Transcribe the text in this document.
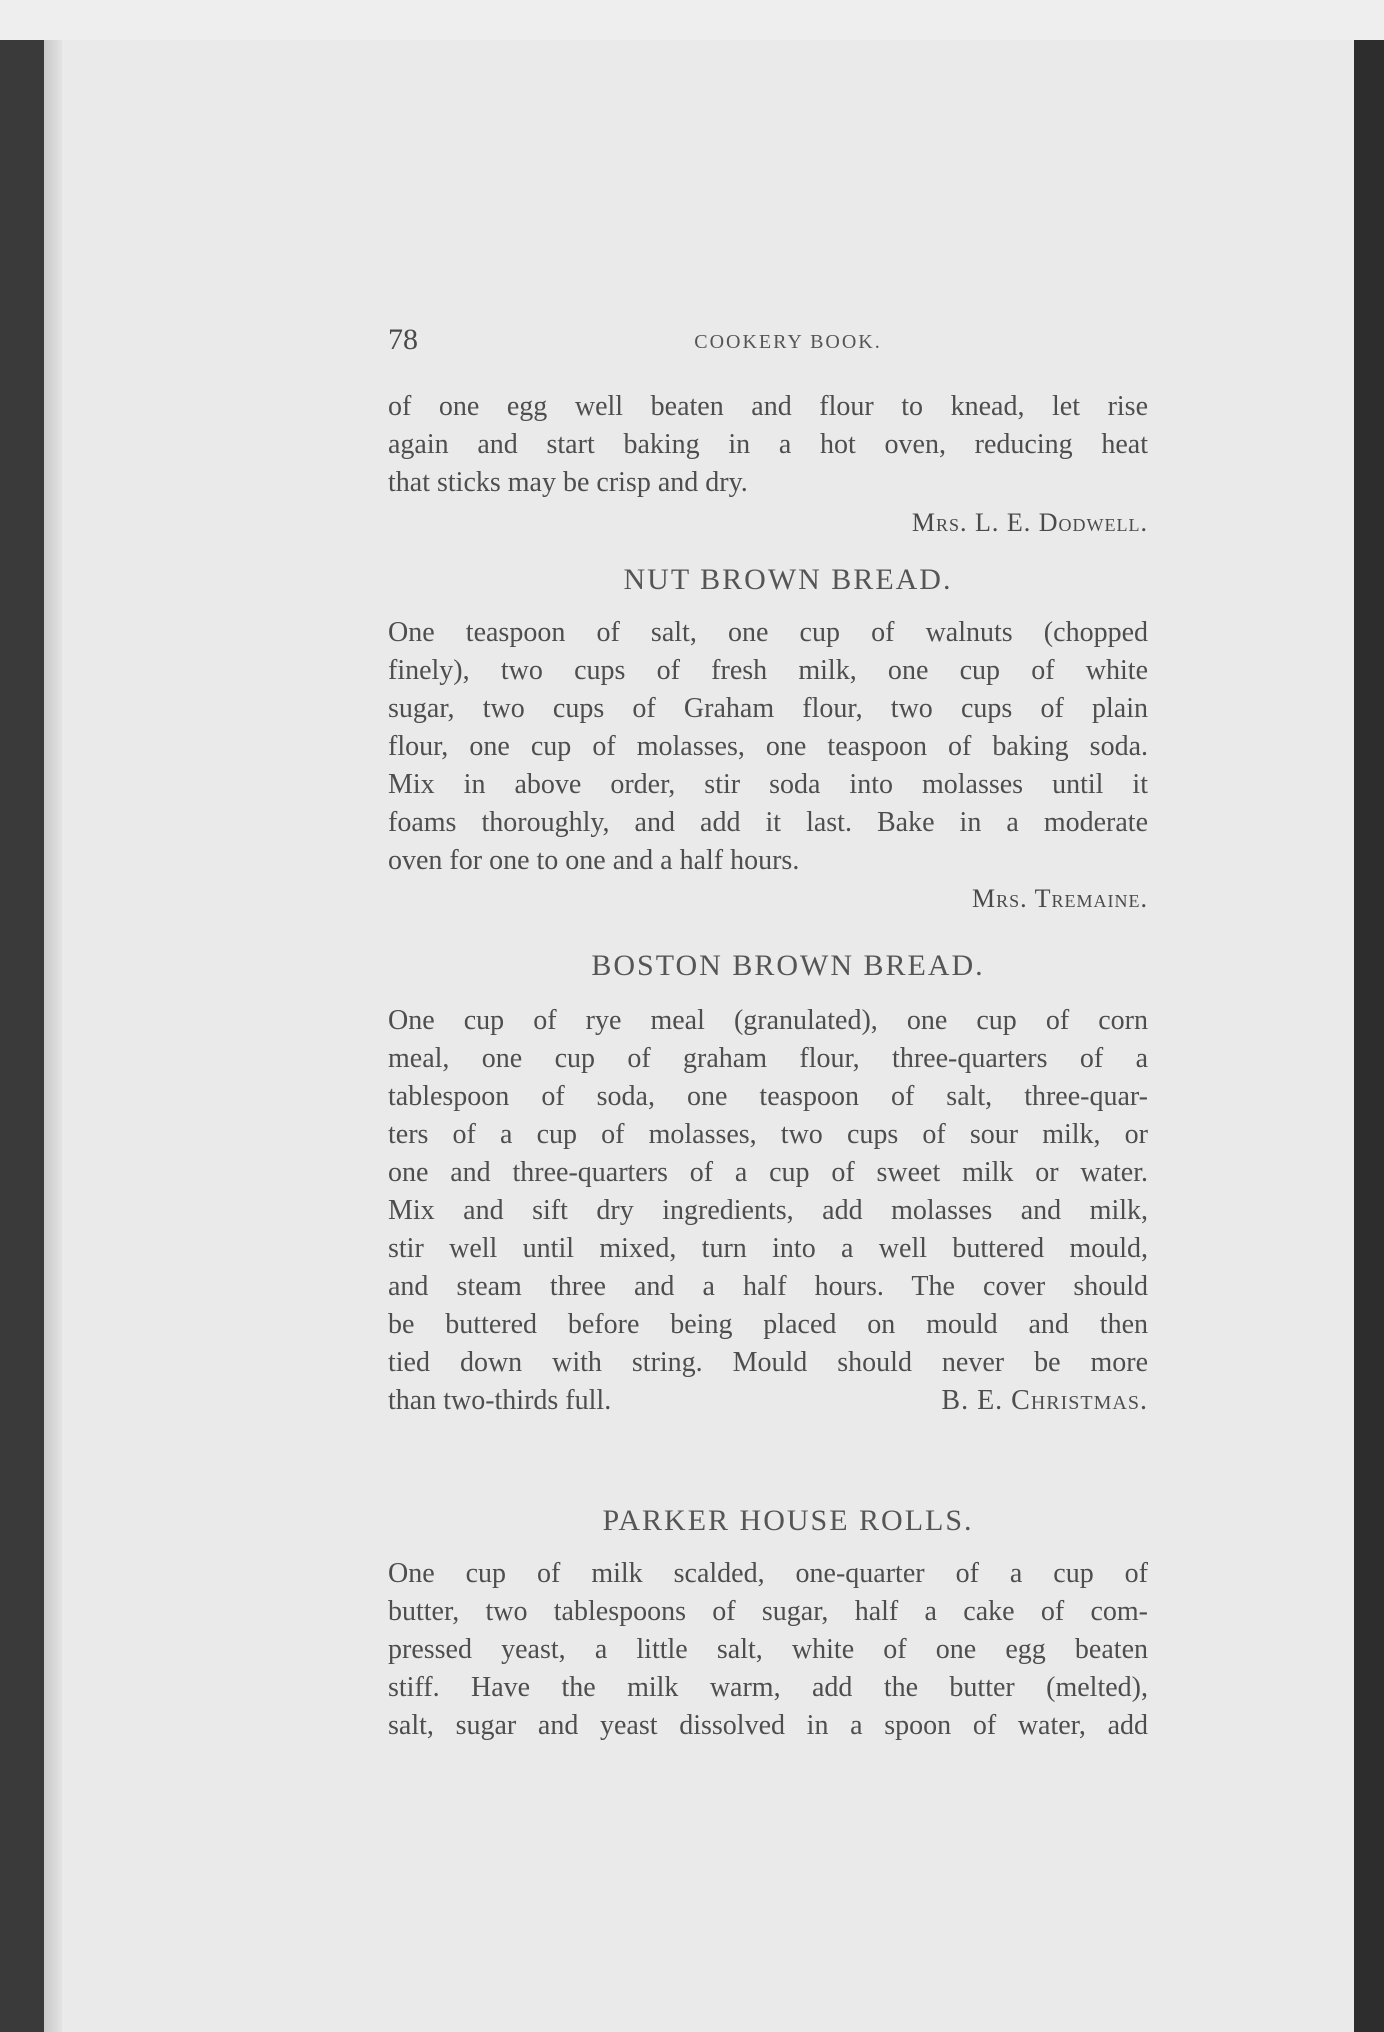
78	COOKERY BOOK.
of one egg well beaten and flour to knead, let rise
again and start baking in a hot oven, reducing heat
that sticks may be crisp and dry.
Mrs. L. E. Dodwell.
NUT BROWN BREAD.
One teaspoon of salt, one cup of walnuts (chopped
finely), two cups of fresh milk, one cup of white
sugar, two cups of Graham flour, two cups of plain
flour, one cup of molasses, one teaspoon of baking soda.
Mix in above order, stir soda into molasses until it
foams thoroughly, and add it last. Bake in a moderate
oven for one to one and a half hours.
Mrs. Tremaine.
BOSTON BROWN BREAD.
One cup of rye meal (granulated), one cup of corn
meal, one cup of graham flour, three-quarters of a
tablespoon of soda, one teaspoon of salt, three-quar-
ters of a cup of molasses, two cups of sour milk, or
one and three-quarters of a cup of sweet milk or water.
Mix and sift dry ingredients, add molasses and milk,
stir well until mixed, turn into a well buttered mould,
and steam three and a half hours. The cover should
be buttered before being placed on mould and then
tied down with string. Mould should never be more
than two-thirds full.	B. E. Christmas.
PARKER HOUSE ROLLS.
One cup of milk scalded, one-quarter of a cup of
butter, two tablespoons of sugar, half a cake of com-
pressed yeast, a little salt, white of one egg beaten
stiff. Have the milk warm, add the butter (melted),
salt, sugar and yeast dissolved in a spoon of water, add
